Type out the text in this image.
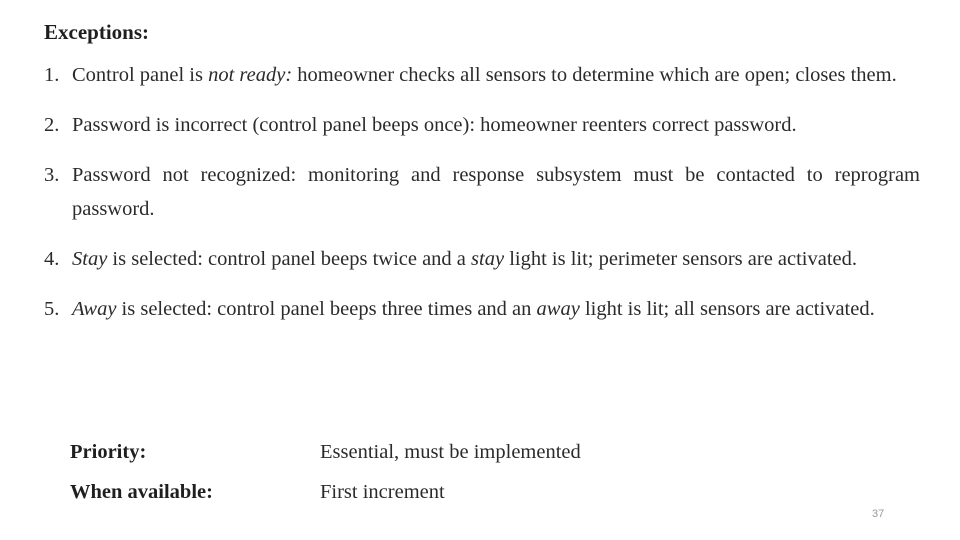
Exceptions:
1. Control panel is not ready: homeowner checks all sensors to determine which are open; closes them.
2. Password is incorrect (control panel beeps once): homeowner reenters correct password.
3. Password not recognized: monitoring and response subsystem must be contacted to reprogram password.
4. Stay is selected: control panel beeps twice and a stay light is lit; perimeter sensors are activated.
5. Away is selected: control panel beeps three times and an away light is lit; all sensors are activated.
Priority:	Essential, must be implemented
When available:	First increment
37
